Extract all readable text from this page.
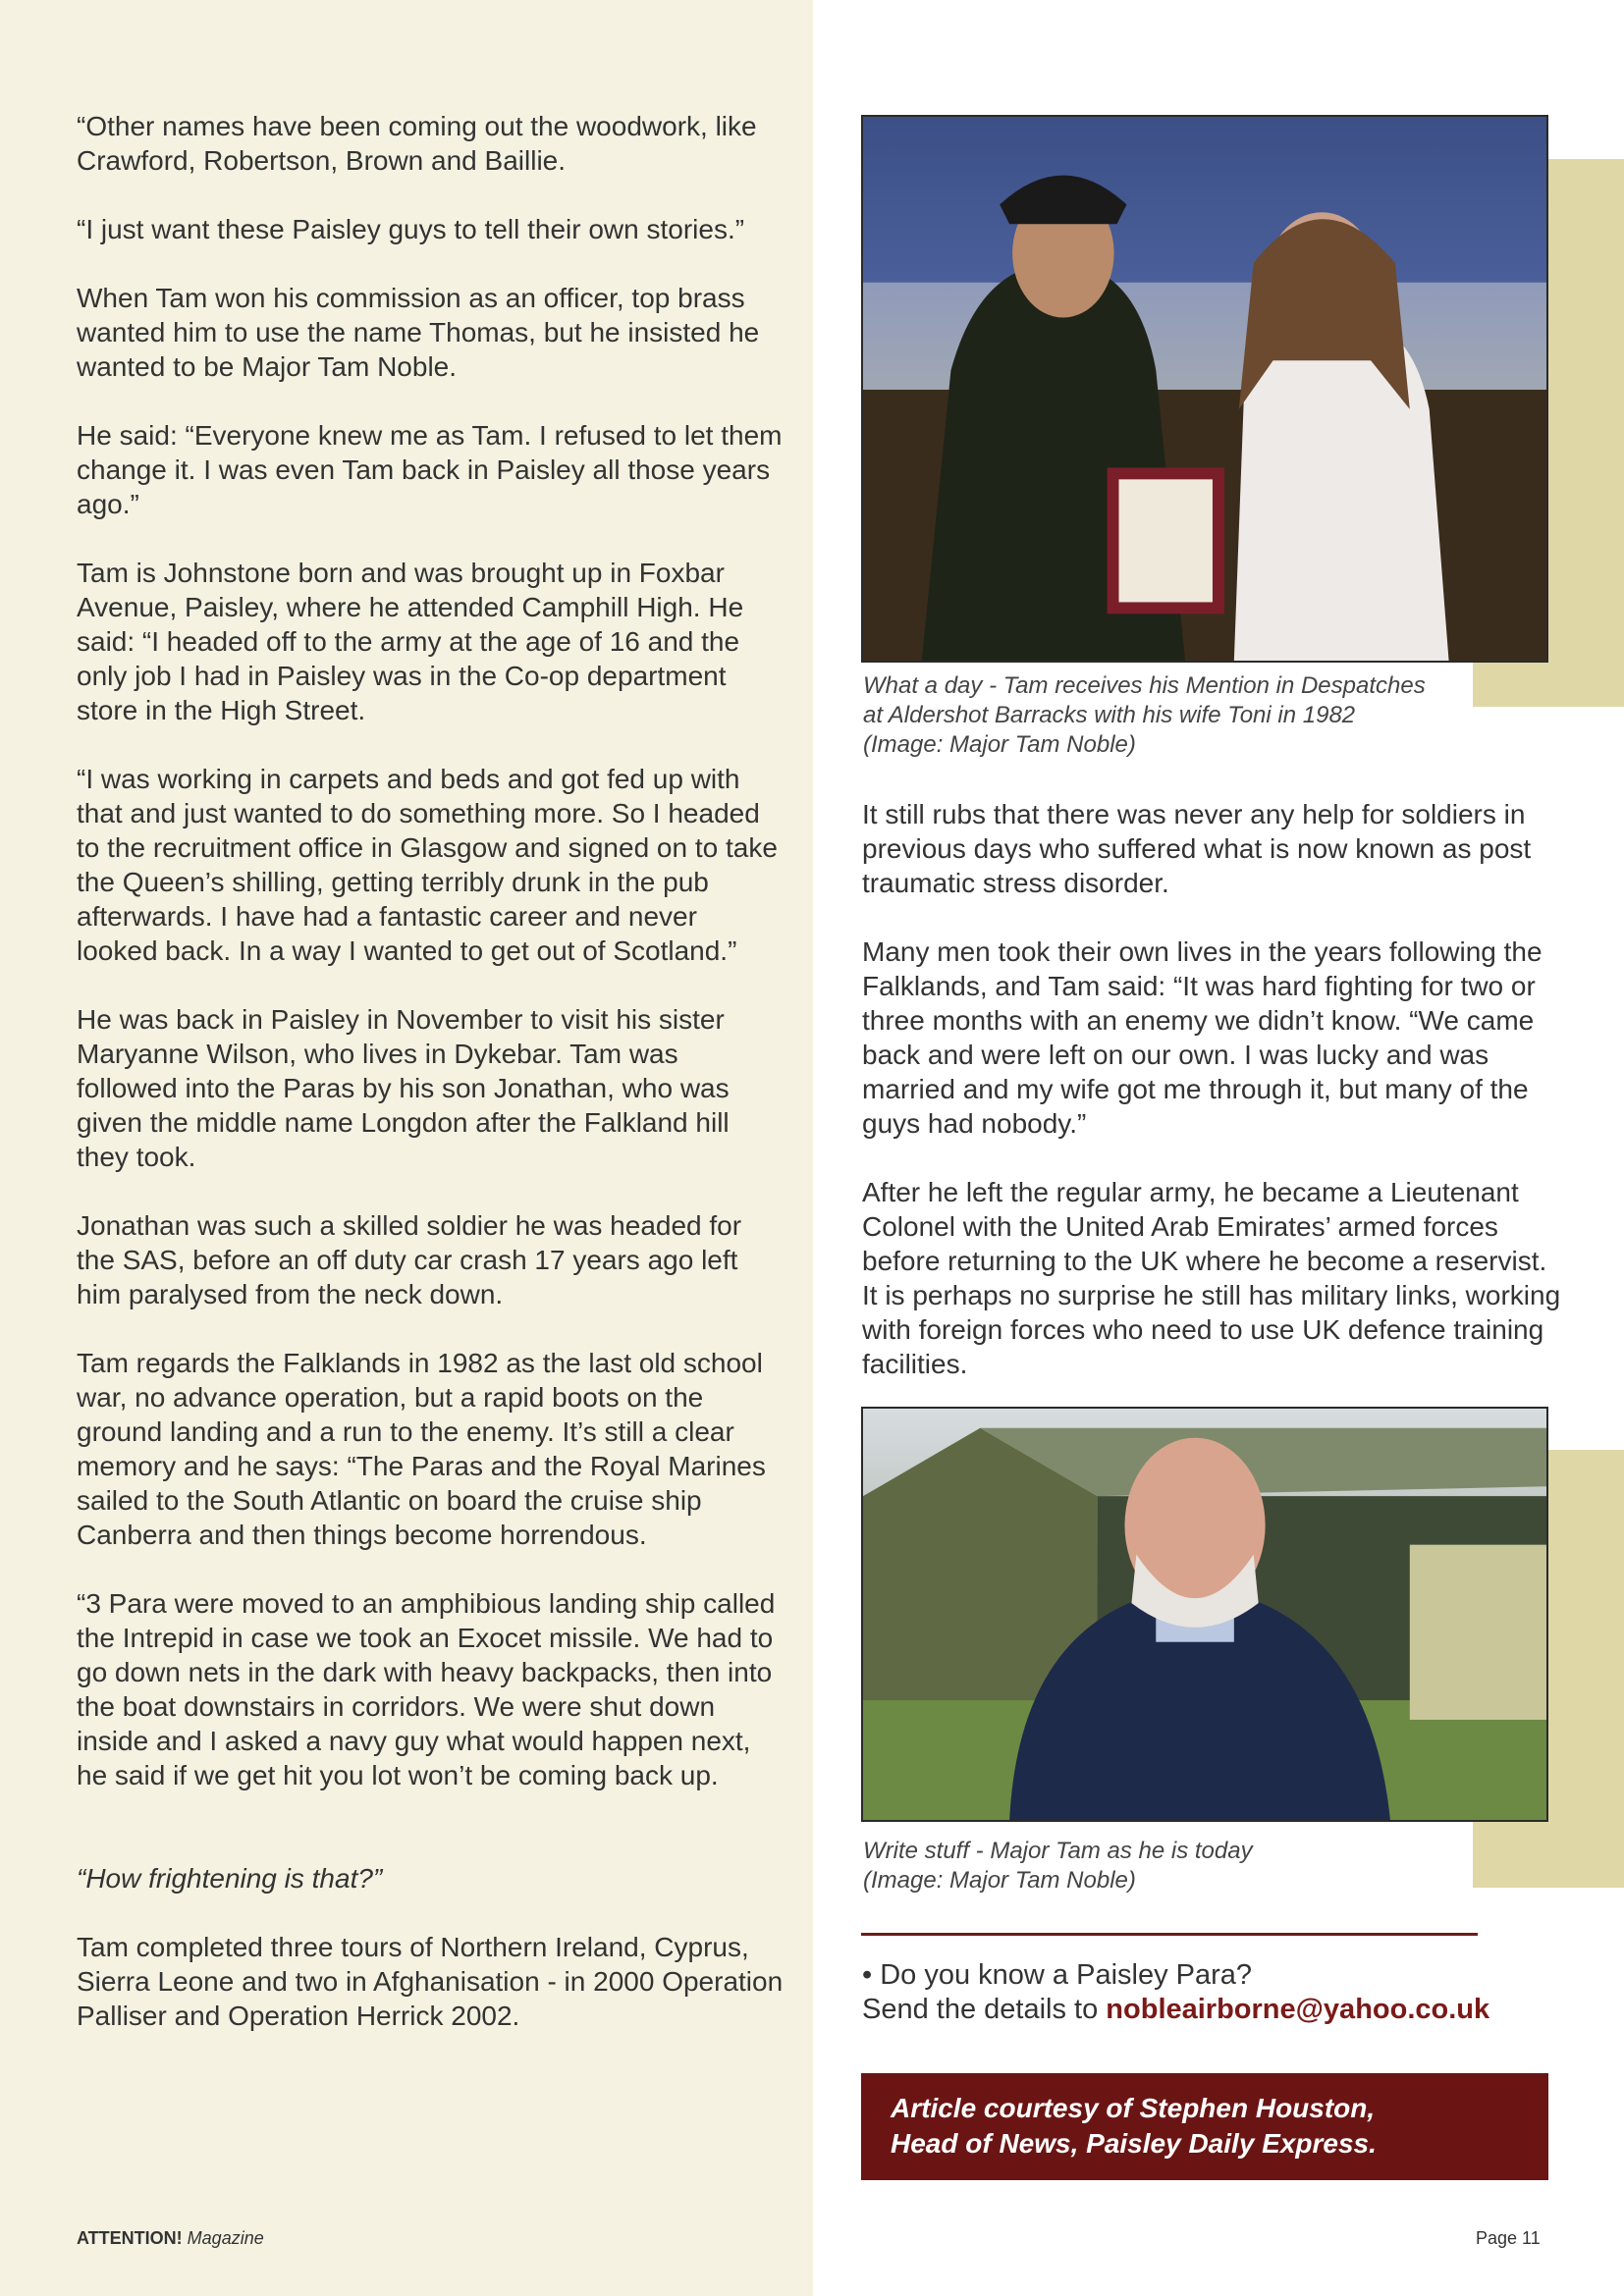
“Other names have been coming out the woodwork, like Crawford, Robertson, Brown and Baillie.

“I just want these Paisley guys to tell their own stories.”

When Tam won his commission as an officer, top brass wanted him to use the name Thomas, but he insisted he wanted to be Major Tam Noble.

He said: “Everyone knew me as Tam. I refused to let them change it. I was even Tam back in Paisley all those years ago.”

Tam is Johnstone born and was brought up in Foxbar Avenue, Paisley, where he attended Camphill High. He said: “I headed off to the army at the age of 16 and the only job I had in Paisley was in the Co-op department store in the High Street.

“I was working in carpets and beds and got fed up with that and just wanted to do something more. So I headed to the recruitment office in Glasgow and signed on to take the Queen’s shilling, getting terribly drunk in the pub afterwards. I have had a fantastic career and never looked back. In a way I wanted to get out of Scotland.”

He was back in Paisley in November to visit his sister Maryanne Wilson, who lives in Dykebar. Tam was followed into the Paras by his son Jonathan, who was given the middle name Longdon after the Falkland hill they took.

Jonathan was such a skilled soldier he was headed for the SAS, before an off duty car crash 17 years ago left him paralysed from the neck down.

Tam regards the Falklands in 1982 as the last old school war, no advance operation, but a rapid boots on the ground landing and a run to the enemy. It’s still a clear memory and he says: “The Paras and the Royal Marines sailed to the South Atlantic on board the cruise ship Canberra and then things become horrendous.

“3 Para were moved to an amphibious landing ship called the Intrepid in case we took an Exocet missile. We had to go down nets in the dark with heavy backpacks, then into the boat downstairs in corridors. We were shut down inside and I asked a navy guy what would happen next, he said if we get hit you lot won’t be coming back up.

“How frightening is that?”

Tam completed three tours of Northern Ireland, Cyprus, Sierra Leone and two in Afghanisation - in 2000 Operation Palliser and Operation Herrick 2002.

What a day - Tam receives his Mention in Despatches
at Aldershot Barracks with his wife Toni in 1982
(Image: Major Tam Noble)

It still rubs that there was never any help for soldiers in previous days who suffered what is now known as post traumatic stress disorder.

Many men took their own lives in the years following the Falklands, and Tam said: “It was hard fighting for two or three months with an enemy we didn’t know. “We came back and were left on our own. I was lucky and was married and my wife got me through it, but many of the guys had nobody.”

After he left the regular army, he became a Lieutenant Colonel with the United Arab Emirates’ armed forces before returning to the UK where he become a reservist. It is perhaps no surprise he still has military links, working with foreign forces who need to use UK defence training facilities.

Write stuff - Major Tam as he is today
(Image: Major Tam Noble)
• Do you know a Paisley Para?
Send the details to nobleairborne@yahoo.co.uk
Article courtesy of Stephen Houston,
Head of News, Paisley Daily Express.
ATTENTION! Magazine	Page 11
